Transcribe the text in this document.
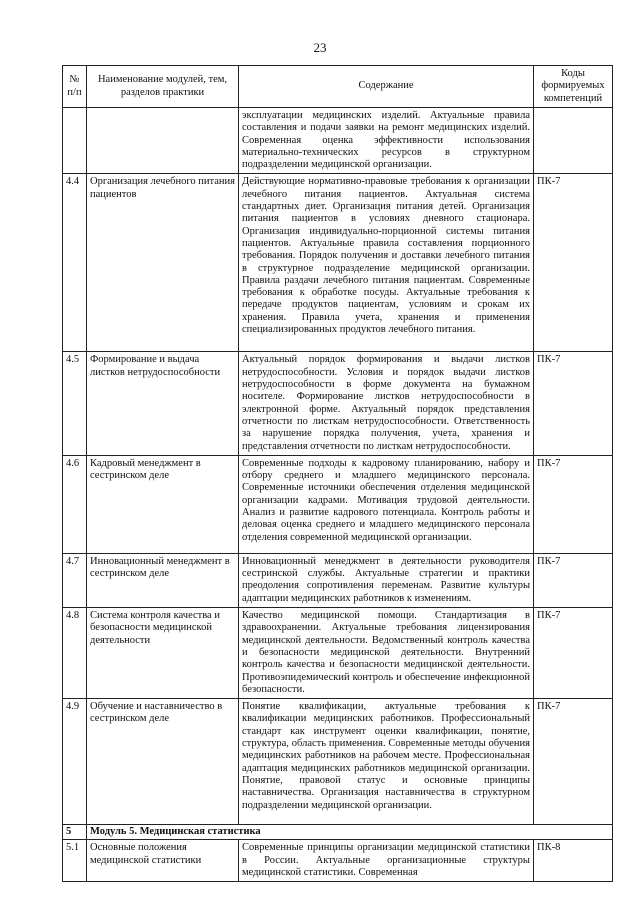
23
№ п/п	Наименование модулей, тем, разделов практики	Содержание	Коды формируемых компетенций
		эксплуатации медицинских изделий. Актуальные правила составления и подачи заявки на ремонт медицинских изделий. Современная оценка эффективности использования материально-технических ресурсов в структурном подразделении медицинской организации.	
4.4	Организация лечебного питания пациентов	Действующие нормативно-правовые требования к организации лечебного питания пациентов. Актуальная система стандартных диет. Организация питания детей. Организация питания пациентов в условиях дневного стационара. Организация индивидуально-порционной системы питания пациентов. Актуальные правила составления порционного требования. Порядок получения и доставки лечебного питания в структурное подразделение медицинской организации. Правила раздачи лечебного питания пациентам. Современные требования к обработке посуды. Актуальные требования к передаче продуктов пациентам, условиям и срокам их хранения. Правила учета, хранения и применения специализированных продуктов лечебного питания.	ПК-7
4.5	Формирование и выдача листков нетрудоспособности	Актуальный порядок формирования и выдачи листков нетрудоспособности. Условия и порядок выдачи листков нетрудоспособности в форме документа на бумажном носителе. Формирование листков нетрудоспособности в электронной форме. Актуальный порядок представления отчетности по листкам нетрудоспособности. Ответственность за нарушение порядка получения, учета, хранения и представления отчетности по листкам нетрудоспособности.	ПК-7
4.6	Кадровый менеджмент в сестринском деле	Современные подходы к кадровому планированию, набору и отбору среднего и младшего медицинского персонала. Современные источники обеспечения отделения медицинской организации кадрами. Мотивация трудовой деятельности. Анализ и развитие кадрового потенциала. Контроль работы и деловая оценка среднего и младшего медицинского персонала отделения современной медицинской организации.	ПК-7
4.7	Инновационный менеджмент в сестринском деле	Инновационный менеджмент в деятельности руководителя сестринской службы. Актуальные стратегии и практики преодоления сопротивления переменам. Развитие культуры адаптации медицинских работников к изменениям.	ПК-7
4.8	Система контроля качества и безопасности медицинской деятельности	Качество медицинской помощи. Стандартизация в здравоохранении. Актуальные требования лицензирования медицинской деятельности. Ведомственный контроль качества и безопасности медицинской деятельности. Внутренний контроль качества и безопасности медицинской деятельности. Противоэпидемический контроль и обеспечение инфекционной безопасности.	ПК-7
4.9	Обучение и наставничество в сестринском деле	Понятие квалификации, актуальные требования к квалификации медицинских работников. Профессиональный стандарт как инструмент оценки квалификации, понятие, структура, область применения. Современные методы обучения медицинских работников на рабочем месте. Профессиональная адаптация медицинских работников медицинской организации. Понятие, правовой статус и основные принципы наставничества. Организация наставничества в структурном подразделении медицинской организации.	ПК-7
5	Модуль 5. Медицинская статистика		
5.1	Основные положения медицинской статистики	Современные принципы организации медицинской статистики в России. Актуальные организационные структуры медицинской статистики. Современная	ПК-8
